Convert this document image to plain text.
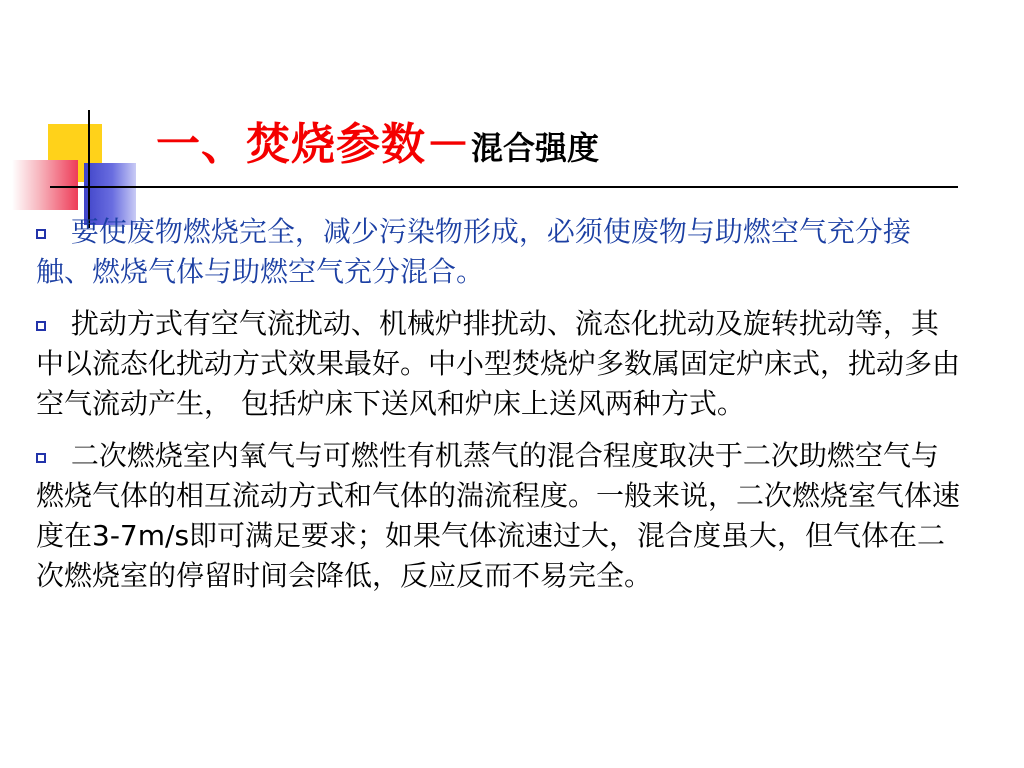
一、焚烧参数－ 混合强度

要使废物燃烧完全，减少污染物形成，必须使废物与助燃空气充分接触、燃烧气体与助燃空气充分混合。

扰动方式有空气流扰动、机械炉排扰动、流态化扰动及旋转扰动等，其中以流态化扰动方式效果最好。中小型焚烧炉多数属固定炉床式，扰动多由空气流动产生， 包括炉床下送风和炉床上送风两种方式。

二次燃烧室内氧气与可燃性有机蒸气的混合程度取决于二次助燃空气与燃烧气体的相互流动方式和气体的湍流程度。一般来说，二次燃烧室气体速度在3-7m/s即可满足要求；如果气体流速过大，混合度虽大，但气体在二次燃烧室的停留时间会降低，反应反而不易完全。
